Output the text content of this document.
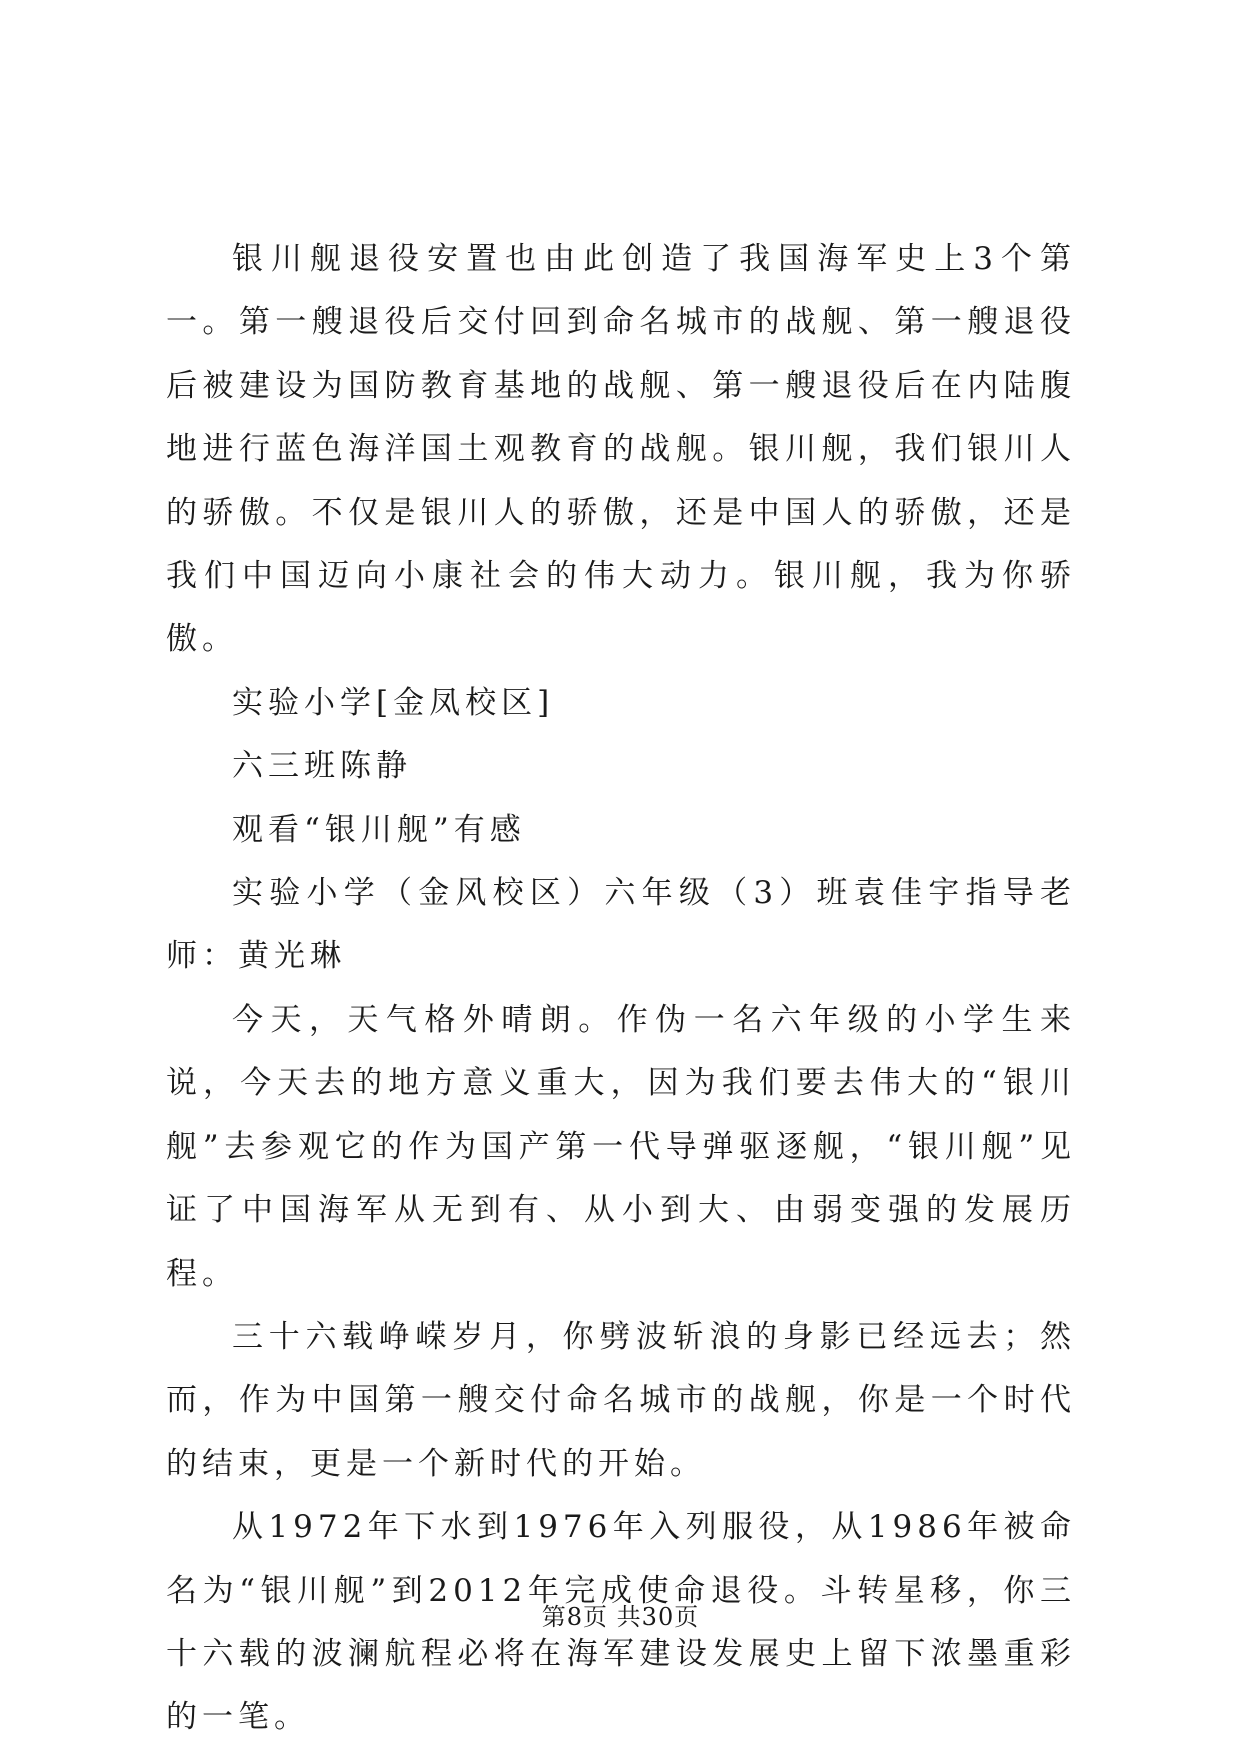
银川舰退役安置也由此创造了我国海军史上3个第一。第一艘退役后交付回到命名城市的战舰、第一艘退役后被建设为国防教育基地的战舰、第一艘退役后在内陆腹地进行蓝色海洋国土观教育的战舰。银川舰，我们银川人的骄傲。不仅是银川人的骄傲，还是中国人的骄傲，还是我们中国迈向小康社会的伟大动力。银川舰，我为你骄傲。

实验小学[金凤校区]

六三班陈静

观看“银川舰”有感

实验小学（金风校区）六年级（3）班袁佳宇指导老师：黄光琳

今天，天气格外晴朗。作伪一名六年级的小学生来说，今天去的地方意义重大，因为我们要去伟大的“银川舰”去参观它的作为国产第一代导弹驱逐舰，“银川舰”见证了中国海军从无到有、从小到大、由弱变强的发展历程。

三十六载峥嵘岁月，你劈波斩浪的身影已经远去；然而，作为中国第一艘交付命名城市的战舰，你是一个时代的结束，更是一个新时代的开始。

从1972年下水到1976年入列服役，从1986年被命名为“银川舰”到2012年完成使命退役。斗转星移，你三十六载的波澜航程必将在海军建设发展史上留下浓墨重彩的一笔。

第8页 共30页
